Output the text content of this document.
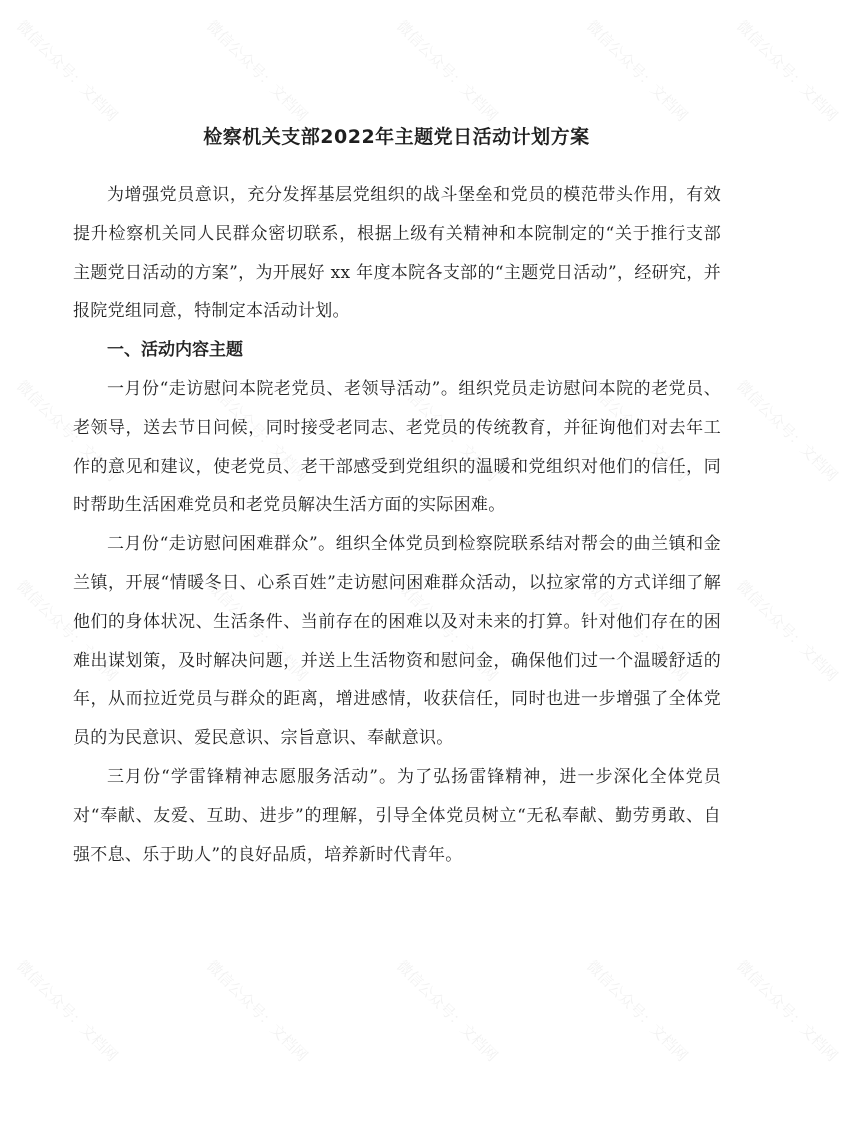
微信公众号：文档网	微信公众号：文档网	微信公众号：文档网	微信公众号：文档网	微信公众号：文档网
微信公众号：文档网	微信公众号：文档网	微信公众号：文档网	微信公众号：文档网	微信公众号：文档网
微信公众号：文档网	微信公众号：文档网	微信公众号：文档网	微信公众号：文档网	微信公众号：文档网
微信公众号：文档网	微信公众号：文档网	微信公众号：文档网	微信公众号：文档网	微信公众号：文档网
检察机关支部2022年主题党日活动计划方案

为增强党员意识，充分发挥基层党组织的战斗堡垒和党员的模范带头作用，有效提升检察机关同人民群众密切联系，根据上级有关精神和本院制定的“关于推行支部主题党日活动的方案”，为开展好 xx 年度本院各支部的“主题党日活动”，经研究，并报院党组同意，特制定本活动计划。

一、活动内容主题

一月份“走访慰问本院老党员、老领导活动”。组织党员走访慰问本院的老党员、老领导，送去节日问候，同时接受老同志、老党员的传统教育，并征询他们对去年工作的意见和建议，使老党员、老干部感受到党组织的温暖和党组织对他们的信任，同时帮助生活困难党员和老党员解决生活方面的实际困难。

二月份“走访慰问困难群众”。组织全体党员到检察院联系结对帮会的曲兰镇和金兰镇，开展“情暖冬日、心系百姓”走访慰问困难群众活动，以拉家常的方式详细了解他们的身体状况、生活条件、当前存在的困难以及对未来的打算。针对他们存在的困难出谋划策，及时解决问题，并送上生活物资和慰问金，确保他们过一个温暖舒适的年，从而拉近党员与群众的距离，增进感情，收获信任，同时也进一步增强了全体党员的为民意识、爱民意识、宗旨意识、奉献意识。

三月份“学雷锋精神志愿服务活动”。为了弘扬雷锋精神，进一步深化全体党员对“奉献、友爱、互助、进步”的理解，引导全体党员树立“无私奉献、勤劳勇敢、自强不息、乐于助人”的良好品质，培养新时代青年。
